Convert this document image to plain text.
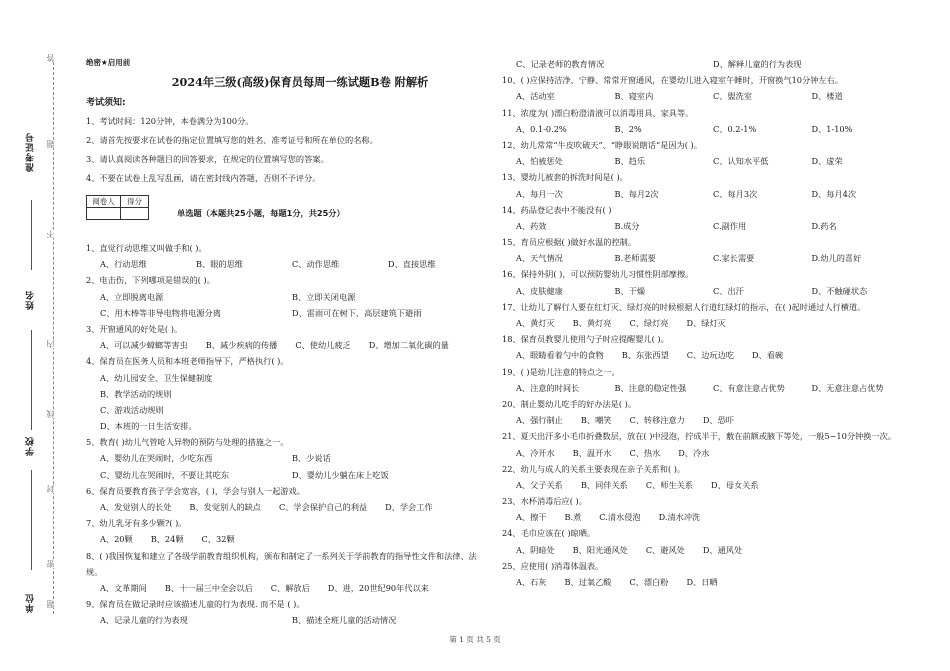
准考证号
姓名
学校
单位
答
题
不
内
线
封
密
题
绝密★启用前
2024年三级(高级)保育员每周一练试题B卷 附解析
考试须知:
1、考试时间：120分钟，本卷满分为100分。
2、请首先按要求在试卷的指定位置填写您的姓名、准考证号和所在单位的名称。
3、请认真阅读各种题目的回答要求，在规定的位置填写您的答案。
4、不要在试卷上乱写乱画，请在密封线内答题，否则不予评分。
阅卷人	得分

单选题（本题共25小题，每题1分，共25分）
1、直觉行动思维又叫做手和( )。
A、行动思维	B、眼的思维	C、动作思维	D、直接思维
2、电击伤，下列哪项是错误的( )。
A、立即脱离电源	B、立即关闭电源
C、用木棒等非导电物将电源分离	D、雷雨可在树下、高层建筑下避雨
3、开窗通风的好处是( )。
A、可以减少蟑螂等害虫 B、减少疾病的传播 C、使幼儿疲乏 D、增加二氧化碳的量
4、保育员在医务人员和本班老师指导下，严格执行( )。
A、幼儿园安全、卫生保健制度
B、教学活动的规则
C、游戏活动规则
D、本班的一日生活安排。
5、教育( )幼儿气管呛人异物的预防与处理的措施之一。
A、婴幼儿在哭闹时，少吃东西	B、少说话
C、婴幼儿在哭闹时，不要让其吃东	D、婴幼儿少躺在床上吃饭
6、保育员要教育孩子学会宽容，( )，学会与别人一起游戏。
A、发觉别人的长处 B、发觉别人的缺点 C、学会保护自己的利益 D、学会工作
7、幼儿乳牙有多少颗?( )。
A、20颗 B、24颗 C、32颗
8、( )我国恢复和建立了各级学前教育组织机构，颁布和制定了一系列关于学前教育的指导性文件和法律、法规。
A、文革期间 B、十一届三中全会以后 C、解放后 D、进，20世纪90年代以来
9、保育员在做记录时应该描述儿童的行为表现. 而不是 ( )。
A、记录儿童的行为表现	B、描述全班儿童的活动情况
C、记录老师的教育情况	D、解释儿童的行为表现
10、( )应保持洁净、宁静、常常开窗通风，在婴幼儿进入寝室午睡时，开窗换气10分钟左右。
A、活动室	B、寝室内	C、盥洗室	D、楼道
11、浓度为( )漂白粉澄清液可以消毒用具、家具等。
A、0.1-0.2%	B、2%	C、0.2-1%	D、1-10%
12、幼儿常常“牛皮吹破天”、“睁眼说瞎话”是因为( )。
A、怕被惩处	B、趋乐	C、认知水平低	D、虚荣
13、婴幼儿被套的拆洗时间是( )。
A、每月一次	B、每月2次	C、每月3次	D、每月4次
14、药品登记表中不能没有( )
A、药效	B.成分	C.副作用	D.药名
15、育员应根据( )做好水温的控制。
A、天气情况	B.老师需要	C.家长需要	D.幼儿的喜好
16、保持外阴( )，可以预防婴幼儿习惯性阴部摩擦。
A、皮肤健康	B、干燥	C、出汗	D、不触碰状态
17、让幼儿了解行人要在红灯灭、绿灯亮的时候根据人行道红绿灯的指示，在( )起时通过人行横道。
A、黄灯灭 B、黄灯亮 C、绿灯亮 D、绿灯灭
18、保育员教婴儿使用勺子时应提醒婴儿( )。
A、眼睛看着勺中的食物 B、东张西望 C、边玩边吃 D、看碗
19、( )是幼儿注意的特点之一。
A、注意的时间长	B、注意的稳定性强	C、有意注意占优势	D、无意注意占优势
20、制止婴幼儿吃手的好办法是( )。
A、强行制止 B、嘲笑 C、转移注意力 D、恐吓
21、夏天出汗多小毛巾折叠数层，放在( )中浸泡，拧成半干，敷在前额或腋下等处，一般5~10分钟换一次。
A、冷开水 B、温开水 C、热水 D、冷水
22、幼儿与成人的关系主要表现在亲子关系和( )。
A、父子关系 B、同伴关系 C、师生关系 D、母女关系
23、水杯消毒后应( )。
A、擦干 B.煮 C.清水侵泡 D.清水冲洗
24、毛巾应该在( )晾晒。
A、阴暗处 B、阳光通风处 C、避风处 D、通风处
25、应使用( )消毒体温表。
A、石灰 B、过氧乙酸 C、漂白粉 D、日晒
第 1 页 共 5 页
